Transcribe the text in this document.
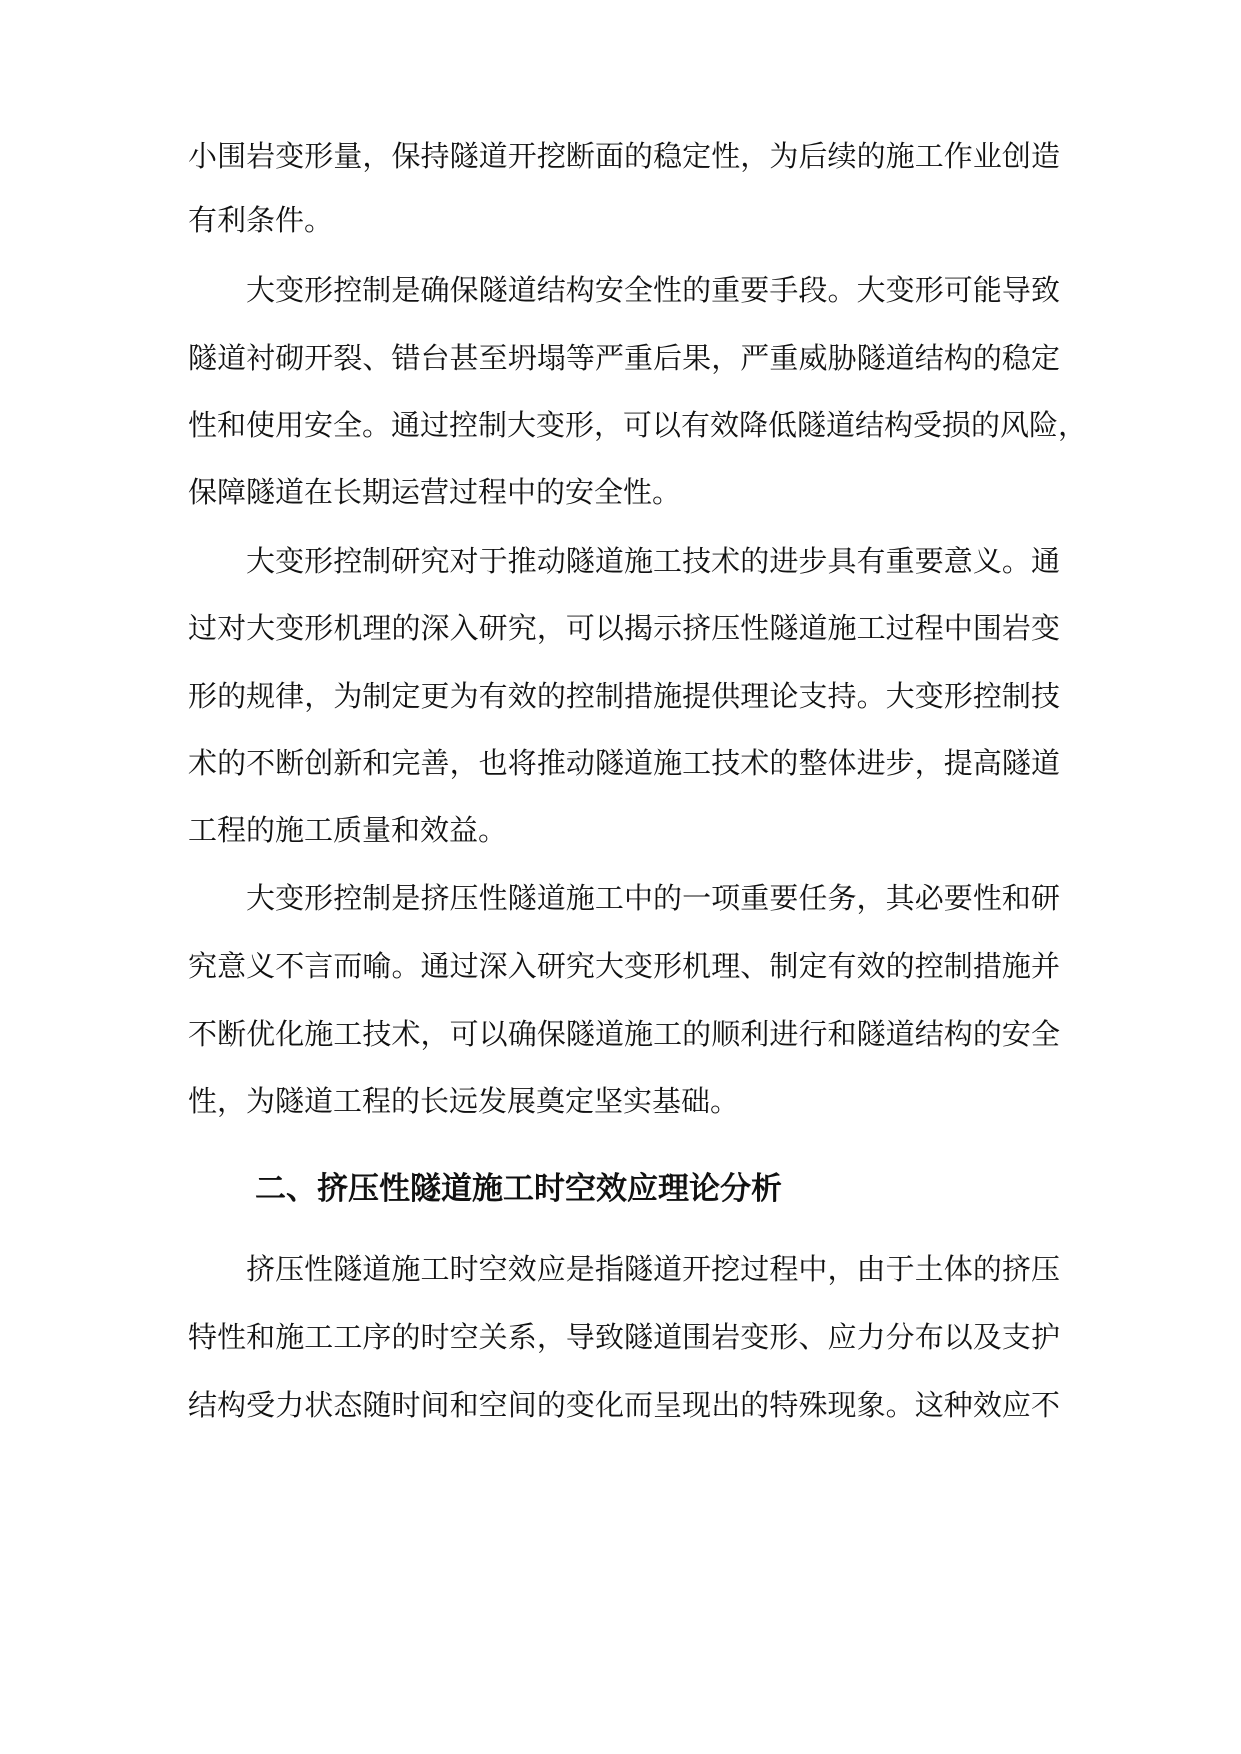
小围岩变形量，保持隧道开挖断面的稳定性，为后续的施工作业创造
有利条件。
大变形控制是确保隧道结构安全性的重要手段。大变形可能导致
隧道衬砌开裂、错台甚至坍塌等严重后果，严重威胁隧道结构的稳定
性和使用安全。通过控制大变形，可以有效降低隧道结构受损的风险，
保障隧道在长期运营过程中的安全性。
大变形控制研究对于推动隧道施工技术的进步具有重要意义。通
过对大变形机理的深入研究，可以揭示挤压性隧道施工过程中围岩变
形的规律，为制定更为有效的控制措施提供理论支持。大变形控制技
术的不断创新和完善，也将推动隧道施工技术的整体进步，提高隧道
工程的施工质量和效益。
大变形控制是挤压性隧道施工中的一项重要任务，其必要性和研
究意义不言而喻。通过深入研究大变形机理、制定有效的控制措施并
不断优化施工技术，可以确保隧道施工的顺利进行和隧道结构的安全
性，为隧道工程的长远发展奠定坚实基础。
二、挤压性隧道施工时空效应理论分析
挤压性隧道施工时空效应是指隧道开挖过程中，由于土体的挤压
特性和施工工序的时空关系，导致隧道围岩变形、应力分布以及支护
结构受力状态随时间和空间的变化而呈现出的特殊现象。这种效应不
